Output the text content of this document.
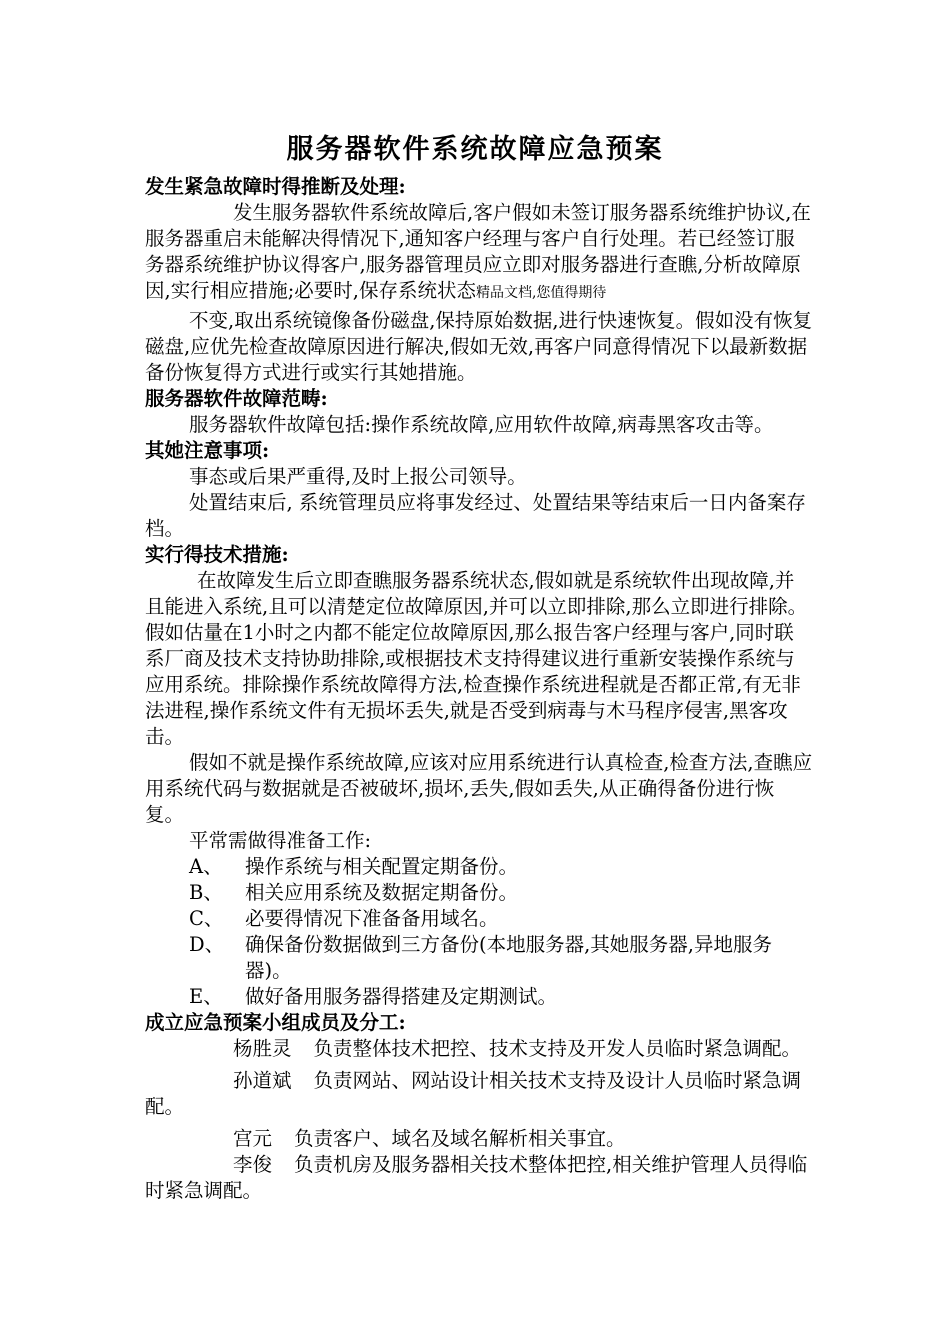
服务器软件系统故障应急预案
发生紧急故障时得推断及处理:

发生服务器软件系统故障后,客户假如未签订服务器系统维护协议,在服务器重启未能解决得情况下,通知客户经理与客户自行处理。若已经签订服务器系统维护协议得客户,服务器管理员应立即对服务器进行查瞧,分析故障原因,实行相应措施;必要时,保存系统状态精品文档,您值得期待

不变,取出系统镜像备份磁盘,保持原始数据,进行快速恢复。假如没有恢复磁盘,应优先检查故障原因进行解决,假如无效,再客户同意得情况下以最新数据备份恢复得方式进行或实行其她措施。

服务器软件故障范畴:

服务器软件故障包括:操作系统故障,应用软件故障,病毒黑客攻击等。

其她注意事项:

事态或后果严重得,及时上报公司领导。

处置结束后, 系统管理员应将事发经过、处置结果等结束后一日内备案存档。

实行得技术措施:

在故障发生后立即查瞧服务器系统状态,假如就是系统软件出现故障,并且能进入系统,且可以清楚定位故障原因,并可以立即排除,那么立即进行排除。假如估量在1小时之内都不能定位故障原因,那么报告客户经理与客户,同时联系厂商及技术支持协助排除,或根据技术支持得建议进行重新安装操作系统与应用系统。排除操作系统故障得方法,检查操作系统进程就是否都正常,有无非法进程,操作系统文件有无损坏丢失,就是否受到病毒与木马程序侵害,黑客攻击。

假如不就是操作系统故障,应该对应用系统进行认真检查,检查方法,查瞧应用系统代码与数据就是否被破坏,损坏,丢失,假如丢失,从正确得备份进行恢复。

平常需做得准备工作:

A、	操作系统与相关配置定期备份。
B、	相关应用系统及数据定期备份。
C、	必要得情况下准备备用域名。
D、	确保备份数据做到三方备份(本地服务器,其她服务器,异地服务器)。
E、	做好备用服务器得搭建及定期测试。
成立应急预案小组成员及分工:

杨胜灵 负责整体技术把控、技术支持及开发人员临时紧急调配。

孙道斌 负责网站、网站设计相关技术支持及设计人员临时紧急调配。

宫元 负责客户、域名及域名解析相关事宜。

李俊 负责机房及服务器相关技术整体把控,相关维护管理人员得临时紧急调配。
